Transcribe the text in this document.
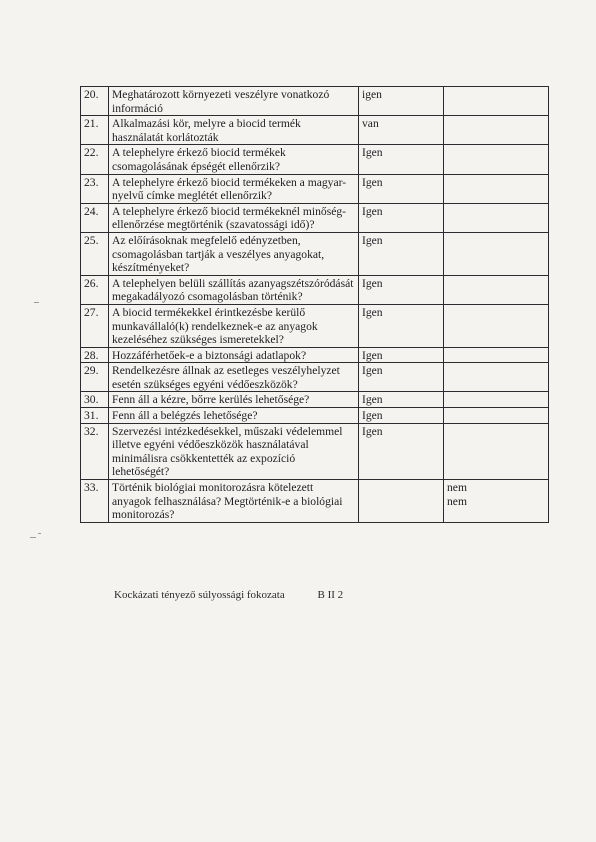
20.	Meghatározott környezeti veszélyre vonatkozó információ	igen	
21.	Alkalmazási kör, melyre a biocid termék használatát korlátozták	van	
22.	A telephelyre érkező biocid termékek csomagolásának épségét ellenőrzik?	Igen	
23.	A telephelyre érkező biocid termékeken a magyar- nyelvű címke meglétét ellenőrzik?	Igen	
24.	A telephelyre érkező biocid termékeknél minőség-ellenőrzése megtörténik (szavatossági idő)?	Igen	
25.	Az előírásoknak megfelelő edényzetben, csomagolásban tartják a veszélyes anyagokat, készítményeket?	Igen	
26.	A telephelyen belüli szállítás azanyagszétszóródását megakadályozó csomagolásban történik?	Igen	
27.	A biocid termékekkel érintkezésbe kerülő munkavállaló(k) rendelkeznek-e az anyagok kezeléséhez szükséges ismeretekkel?	Igen	
28.	Hozzáférhetőek-e a biztonsági adatlapok?	Igen	
29.	Rendelkezésre állnak az esetleges veszélyhelyzet esetén szükséges egyéni védőeszközök?	Igen	
30.	Fenn áll a kézre, bőrre kerülés lehetősége?	Igen	
31.	Fenn áll a belégzés lehetősége?	Igen	
32.	Szervezési intézkedésekkel, műszaki védelemmel illetve egyéni védőeszközök használatával minimálisra csökkentették az expozíció lehetőségét?	Igen	
33.	Történik biológiai monitorozásra kötelezett anyagok felhasználása? Megtörténik-e a biológiai monitorozás?		nem
nem
Kockázati tényező súlyossági fokozata	B II 2
